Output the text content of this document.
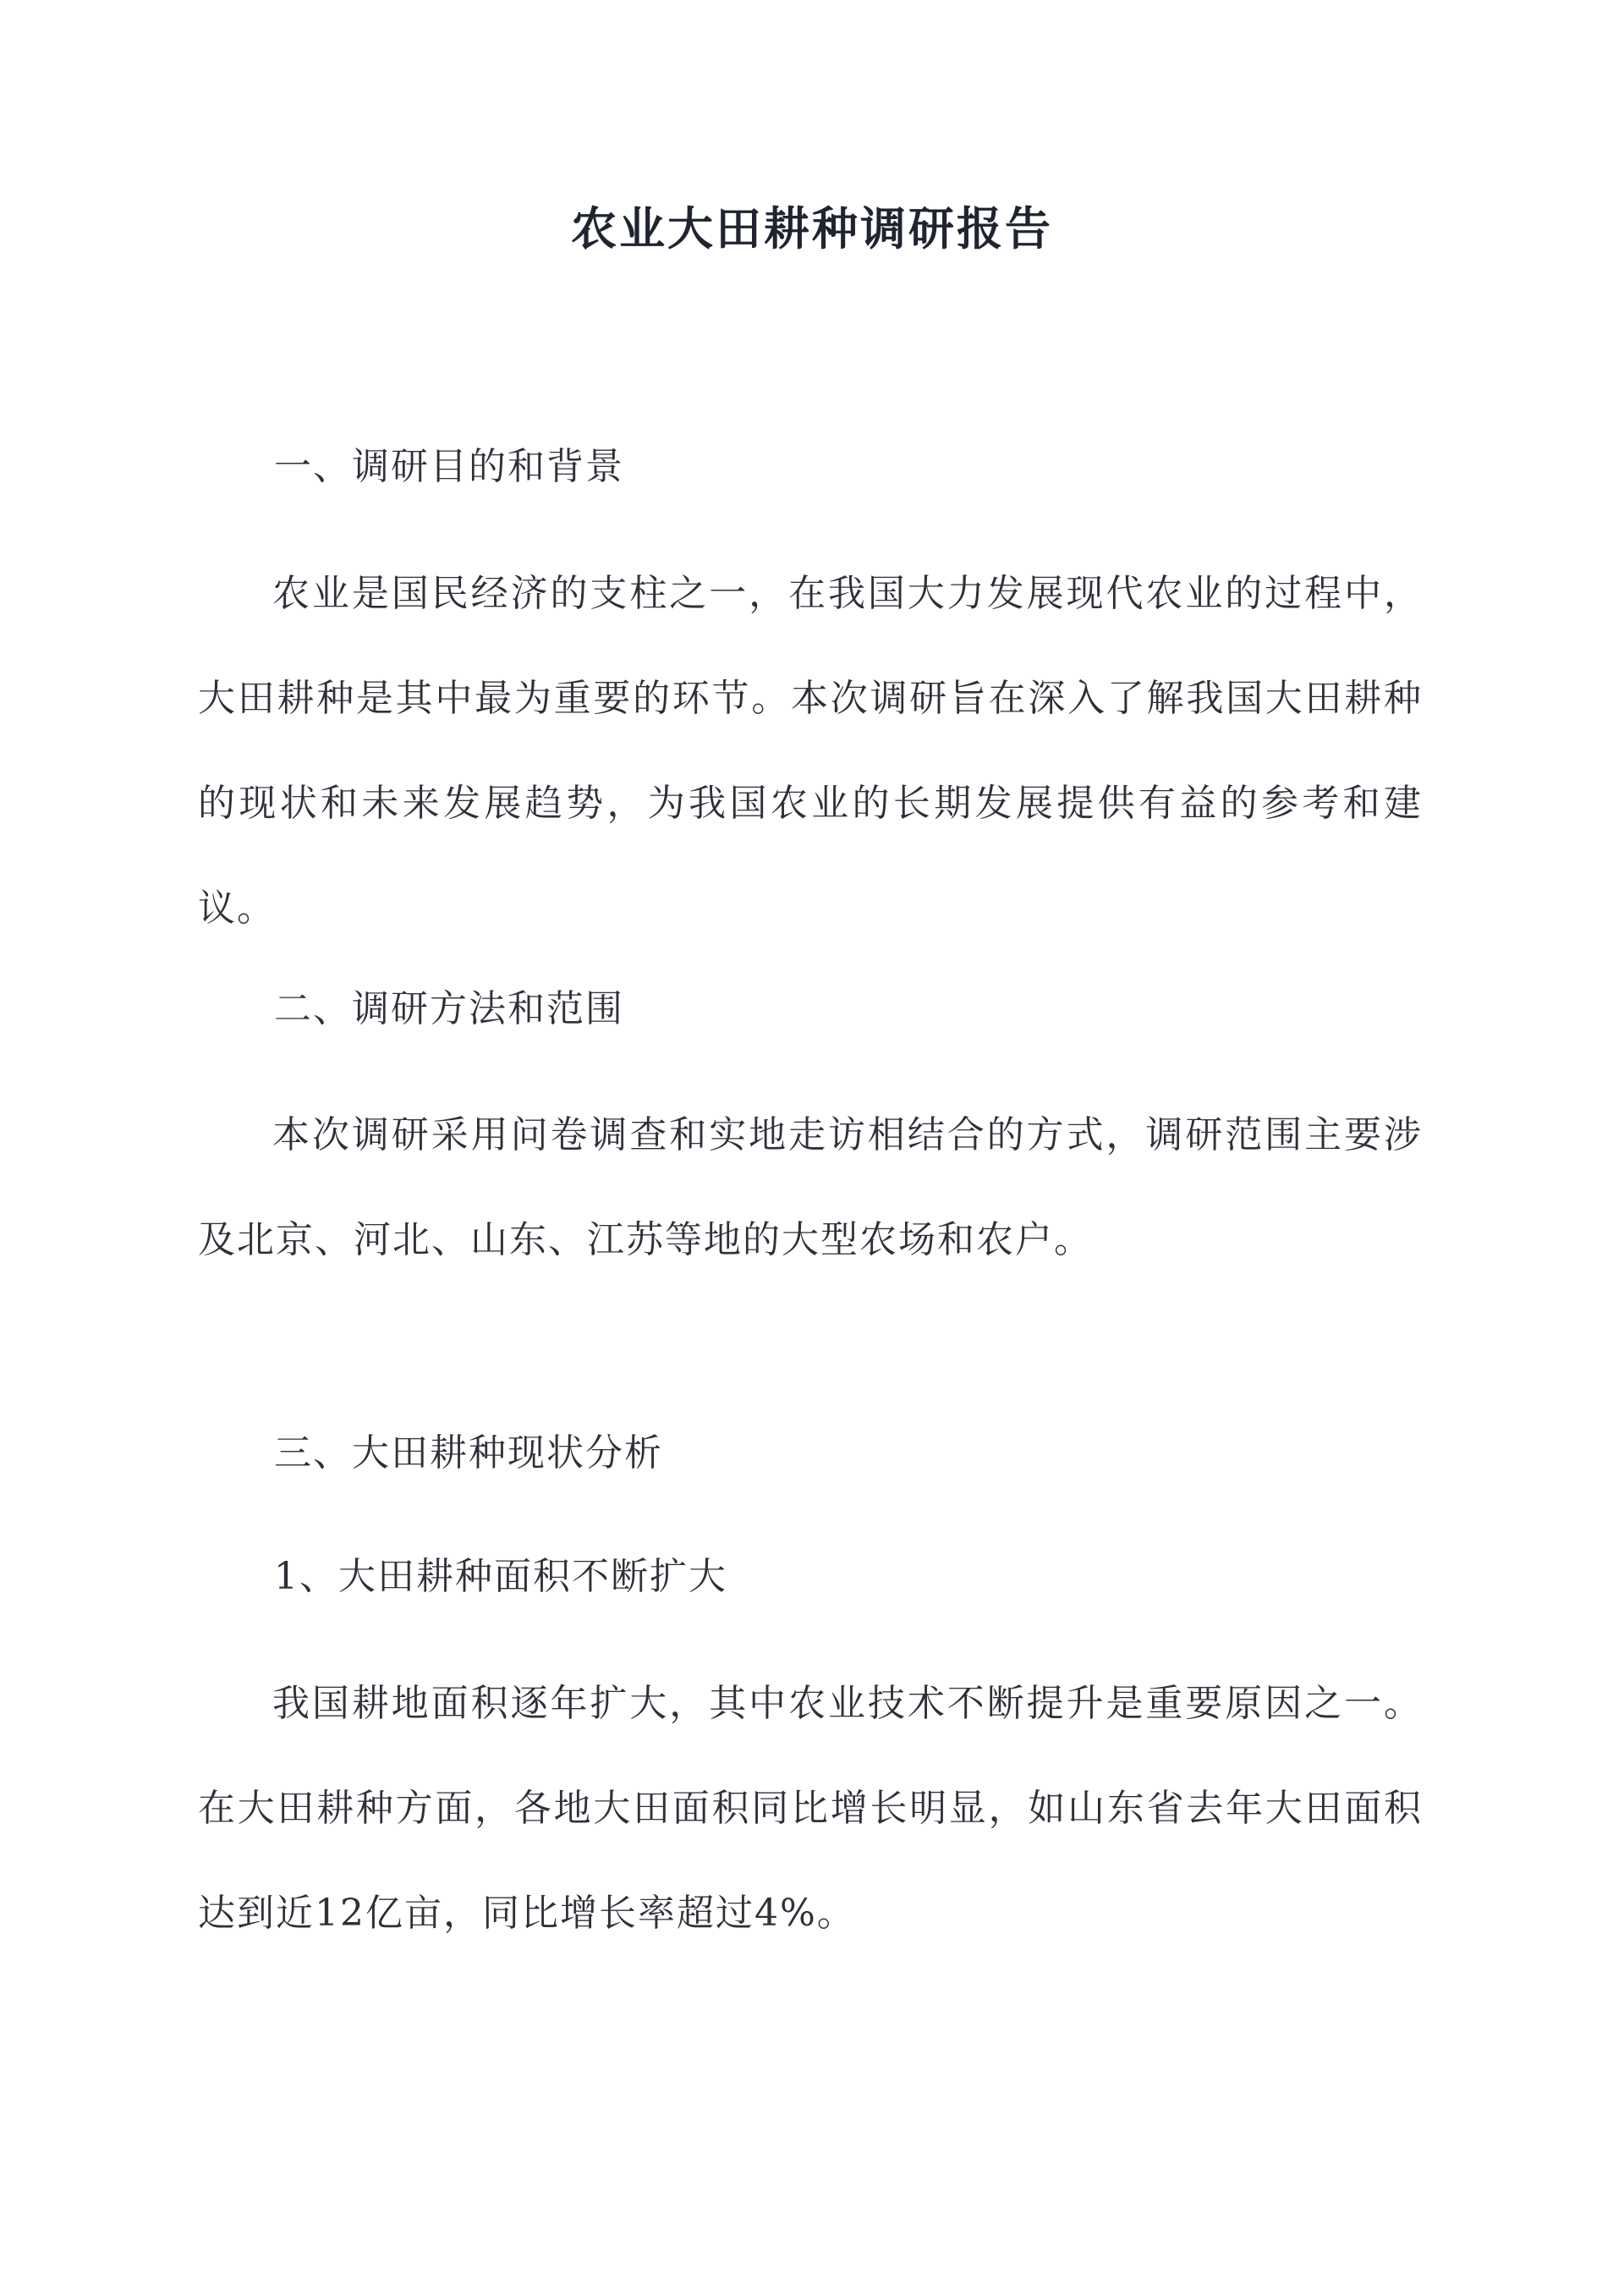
农业大田耕种调研报告
一、调研目的和背景
农业是国民经济的支柱之一，在我国大力发展现代农业的过程中，大田耕种是其中最为重要的环节。本次调研旨在深入了解我国大田耕种的现状和未来发展趋势，为我国农业的长期发展提供有益的参考和建议。
二、调研方法和范围
本次调研采用问卷调查和实地走访相结合的方式，调研范围主要涉及北京、河北、山东、江苏等地的大型农场和农户。
三、大田耕种现状分析
1、大田耕种面积不断扩大
我国耕地面积逐年扩大，其中农业技术不断提升是重要原因之一。在大田耕种方面，各地大田面积同比增长明显，如山东省去年大田面积达到近12亿亩，同比增长率超过4%。
